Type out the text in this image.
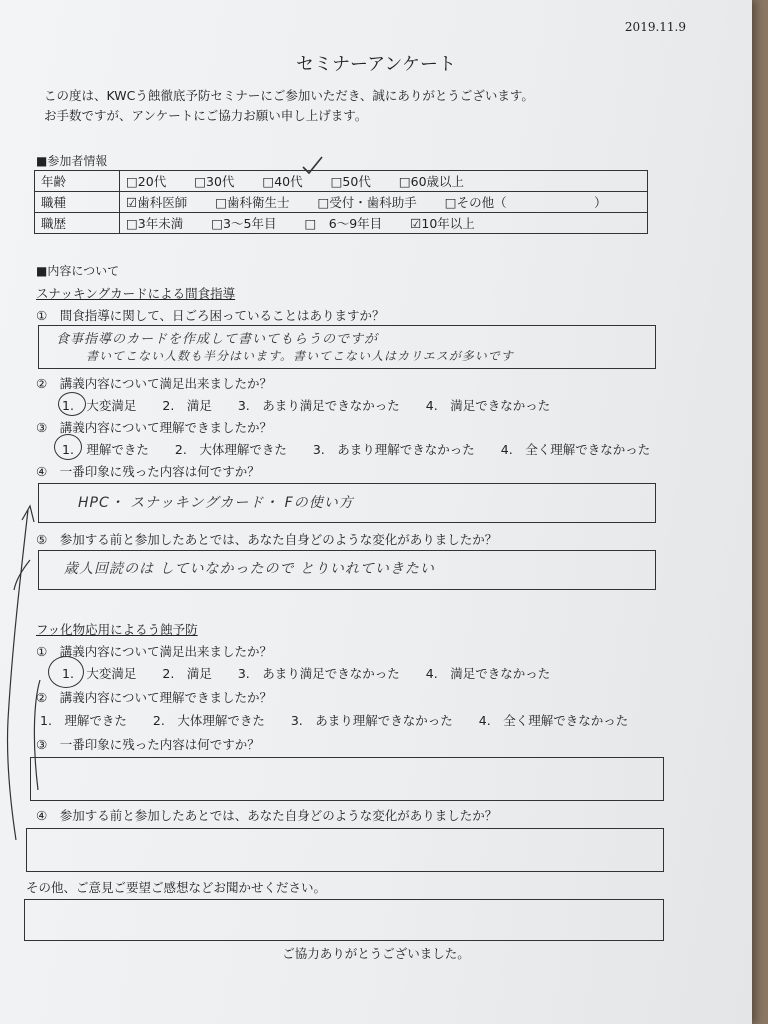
2019.11.9
セミナーアンケート
この度は、KWCう蝕徹底予防セミナーにご参加いただき、誠にありがとうございます。
お手数ですが、アンケートにご協力お願い申し上げます。
■参加者情報
年齢	□20代 □30代 □40代 □50代 □60歳以上
職種	☑歯科医師 □歯科衛生士 □受付・歯科助手 □その他（　　　　　　　）
職歴	□3年未満 □3〜5年目 □　6〜9年目 ☑10年以上
■内容について
スナッキングカードによる間食指導
①　間食指導に関して、日ごろ困っていることはありますか？
食事指導のカードを作成して書いてもらうのですが
書いてこない人数も半分はいます。書いてこない人はカリエスが多いです
②　講義内容について満足出来ましたか？
1.　大変満足 2.　満足 3.　あまり満足できなかった 4.　満足できなかった
③　講義内容について理解できましたか？
1.　理解できた 2.　大体理解できた 3.　あまり理解できなかった 4.　全く理解できなかった
④　一番印象に残った内容は何ですか？
HPC・ スナッキングカード・ Fの使い方
⑤　参加する前と参加したあとでは、あなた自身どのような変化がありましたか？
歳人回読のは していなかったので とりいれていきたい
フッ化物応用によるう蝕予防
①　講義内容について満足出来ましたか？
1.　大変満足 2.　満足 3.　あまり満足できなかった 4.　満足できなかった
②　講義内容について理解できましたか？
1.　理解できた 2.　大体理解できた 3.　あまり理解できなかった 4.　全く理解できなかった
③　一番印象に残った内容は何ですか？
④　参加する前と参加したあとでは、あなた自身どのような変化がありましたか？
その他、ご意見ご要望ご感想などお聞かせください。
ご協力ありがとうございました。
